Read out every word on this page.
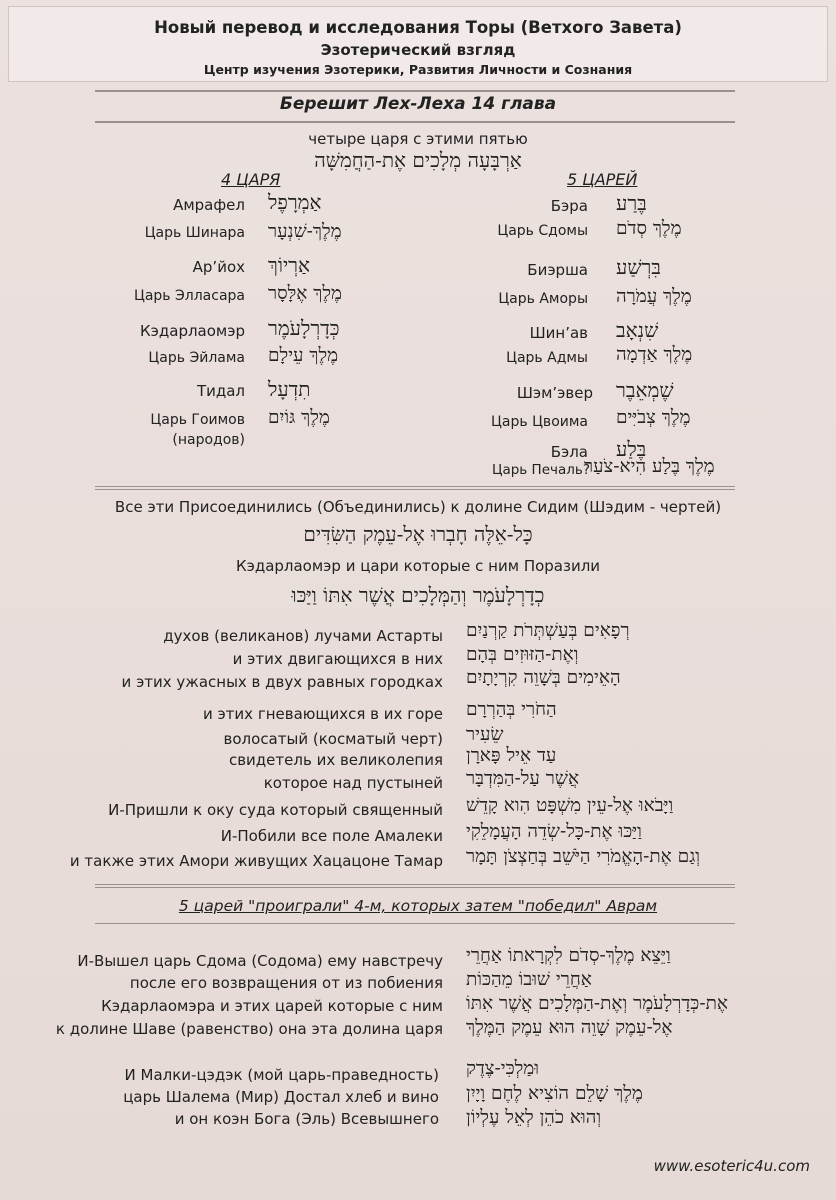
Новый перевод и исследования Торы (Ветхого Завета)
Эзотерический взгляд
Центр изучения Эзотерики, Развития Личности и Сознания
Берешит Лех-Леха 14 глава
четыре царя с этими пятью
אַרְבָּעָה מְלָכִים אֶת-הַחֲמִשָּׁה
4 ЦАРЯ	5 ЦАРЕЙ
Амрафел אַמְרָפֶל
Царь Шинара מֶלֶךְ-שִׁנְעָר
Ар’йох אַרְיוֹךְ
Царь Элласара מֶלֶךְ אֶלָּסָר
Кэдарлаомэр כְּדָרְלָעֹמֶר
Царь Эйлама מֶלֶךְ עֵילָם
Тидал תִדְעָל
Царь Гоимов מֶלֶךְ גּוֹיִם
(народов)
Бэра בֶּרַע
Царь Сдомы מֶלֶךְ סְדֹם
Биэрша בִּרְשַׁע
Царь Аморы מֶלֶךְ עֲמֹרָה
Шин’ав שִׁנְאָב
Царь Адмы מֶלֶךְ אַדְמָה
Шэм’эвер שֶׁמְאֵבֶר
Царь Цвоима מֶלֶךְ צְבֹיִּים
Бэла בֶּלַע
Царь Печаль?
מֶלֶךְ בֶּלַע הִיא-צֹעַר
Все эти Присоединились (Объединились) к долине Сидим (Шэдим - чертей)
כָּל-אֵלֶּה חָבְרוּ אֶל-עֵמֶק הַשִּׂדִּים
Кэдарлаомэр и цари которые с ним Поразили
כְדָרְלָעֹמֶר וְהַמְּלָכִים אֲשֶׁר אִתּוֹ וַיַּכּוּ
духов (великанов) лучами Астарты רְפָאִים בְּעַשְׁתְּרֹת קַרְנַיִם
и этих двигающихся в них וְאֶת-הַזּוּזִים בְּהָם
и этих ужасных в двух равных городках הָאֵימִים בְּשָׁוֵה קִרְיָתָיִם
и этих гневающихся в их горе הַחֹרִי בְּהַרְרָם
волосатый (косматый черт) שֵׂעִיר
свидетель их великолепия עַד אֵיל פָּארָן
которое над пустыней אֲשֶׁר עַל-הַמִּדְבָּר
И-Пришли к оку суда который священный וַיָּבֹאוּ אֶל-עֵין מִשְׁפָּט הִוא קָדֵשׁ
И-Побили все поле Амалеки וַיַּכּוּ אֶת-כָּל-שְׂדֵה הָעֲמָלֵקִי
и также этих Амори живущих Хацацоне Тамар וְגַם אֶת-הָאֱמֹרִי הַיֹּשֵׁב בְּחַצְצֹן תָּמָר
5 царей "проиграли" 4-м, которых затем "победил" Аврам
И-Вышел царь Сдома (Содома) ему навстречу וַיֵּצֵא מֶלֶךְ-סְדֹם לִקְרָאתוֹ אַחֲרֵי
после его возвращения от из побиения אַחֲרֵי שׁוּבוֹ מֵהַכּוֹת
Кэдарлаомэра и этих царей которые с ним אֶת-כְּדָרְלָעֹמֶר וְאֶת-הַמְּלָכִים אֲשֶׁר אִתּוֹ
к долине Шаве (равенство) она эта долина царя אֶל-עֵמֶק שָׁוֵה הוּא עֵמֶק הַמֶּלֶךְ
И Малки-цэдэк (мой царь-праведность) וּמַלְכִּי-צֶדֶק
царь Шалема (Мир) Достал хлеб и вино מֶלֶךְ שָׁלֵם הוֹצִיא לֶחֶם וָיָיִן
и он коэн Бога (Эль) Всевышнего וְהוּא כֹהֵן לְאֵל עֶלְיוֹן
www.esoteric4u.com
